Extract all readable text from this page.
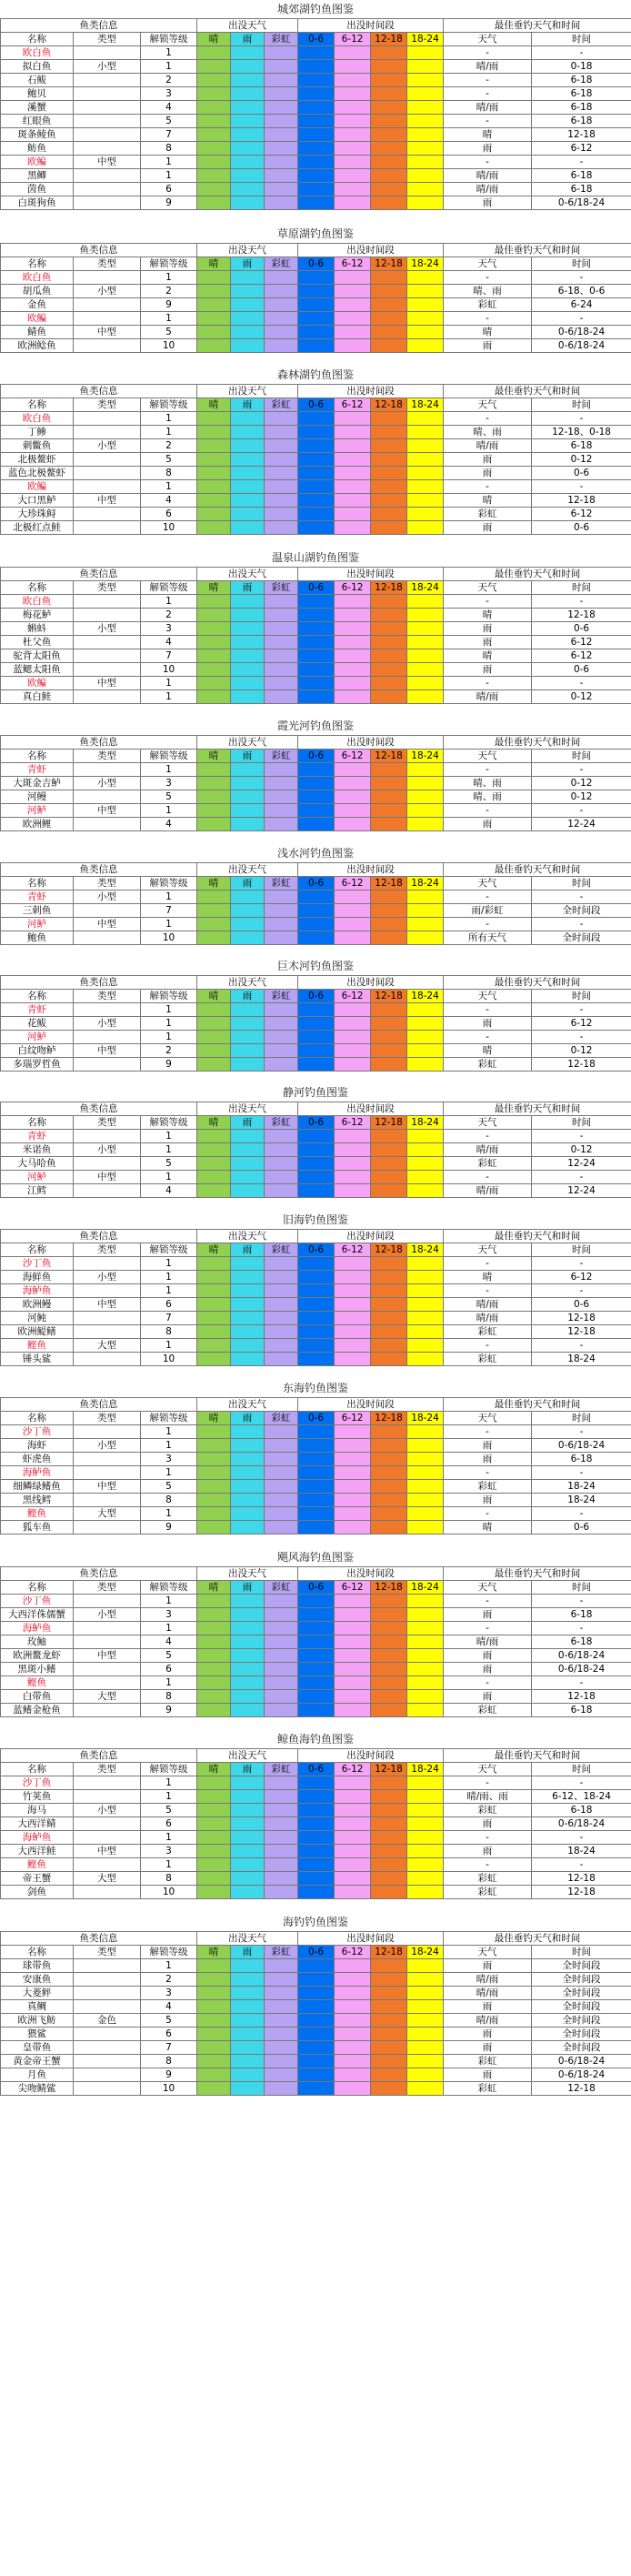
城郊湖钓鱼图鉴
鱼类信息			出没天气			出没时间段				最佳垂钓天气和时间	
名称	类型	解锁等级	晴	雨	彩虹	0-6	6-12	12-18	18-24	天气	时间
欧白鱼		1								-	-
拟白鱼	小型	1								晴/雨	0-18
石鲅		2								-	6-18
鲍贝		3								-	6-18
溪蟹		4								晴/雨	6-18
红眼鱼		5								-	6-18
斑条鲮鱼		7								晴	12-18
鲂鱼		8								雨	6-12
欧鳊	中型	1								-	-
黑鲫		1								晴/雨	6-18
茵鱼		6								晴/雨	6-18
白斑狗鱼		9								雨	0-6/18-24
草原湖钓鱼图鉴
鱼类信息			出没天气			出没时间段				最佳垂钓天气和时间	
名称	类型	解锁等级	晴	雨	彩虹	0-6	6-12	12-18	18-24	天气	时间
欧白鱼		1								-	-
胡瓜鱼	小型	2								晴、雨	6-18、0-6
金鱼		9								彩虹	6-24
欧鳊		1								-	-
鲭鱼	中型	5								晴	0-6/18-24
欧洲鲶鱼		10								雨	0-6/18-24
森林湖钓鱼图鉴
鱼类信息			出没天气			出没时间段				最佳垂钓天气和时间	
名称	类型	解锁等级	晴	雨	彩虹	0-6	6-12	12-18	18-24	天气	时间
欧白鱼		1								-	-
丁鲹		1								晴、雨	12-18、0-18
刺鳖鱼	小型	2								晴/雨	6-18
北极鳌虾		5								雨	0-12
蓝色北极鳌虾		8								雨	0-6
欧鳊		1								-	-
大口黑鲈	中型	4								晴	12-18
大珍珠鲟		6								彩虹	6-12
北极红点鲑		10								雨	0-6
温泉山湖钓鱼图鉴
鱼类信息			出没天气			出没时间段				最佳垂钓天气和时间	
名称	类型	解锁等级	晴	雨	彩虹	0-6	6-12	12-18	18-24	天气	时间
欧白鱼		1								-	-
梅花鲈		2								晴	12-18
蝌蚪	小型	3								雨	0-6
杜父鱼		4								雨	6-12
驼背太阳鱼		7								晴	6-12
蓝鳃太阳鱼		10								雨	0-6
欧鳊	中型	1								-	-
真白鲑		1								晴/雨	0-12
霞光河钓鱼图鉴
鱼类信息			出没天气			出没时间段				最佳垂钓天气和时间	
名称	类型	解锁等级	晴	雨	彩虹	0-6	6-12	12-18	18-24	天气	时间
青虾		1								-	-
大斑金吉鲈	小型	3								晴、雨	0-12
河鳗		5								晴、雨	0-12
河鲈	中型	1								-	-
欧洲鲤		4								雨	12-24
浅水河钓鱼图鉴
鱼类信息			出没天气			出没时间段				最佳垂钓天气和时间	
名称	类型	解锁等级	晴	雨	彩虹	0-6	6-12	12-18	18-24	天气	时间
青虾	小型	1								-	-
三刺鱼		7								雨/彩虹	全时间段
河鲈	中型	1								-	-
鲍鱼		10								所有天气	全时间段
巨木河钓鱼图鉴
鱼类信息			出没天气			出没时间段				最佳垂钓天气和时间	
名称	类型	解锁等级	晴	雨	彩虹	0-6	6-12	12-18	18-24	天气	时间
青虾		1								-	-
花鲅	小型	1								雨	6-12
河鲈		1								-	-
白纹吻鲈	中型	2								晴	0-12
多瑙罗哲鱼		9								彩虹	12-18
静河钓鱼图鉴
鱼类信息			出没天气			出没时间段				最佳垂钓天气和时间	
名称	类型	解锁等级	晴	雨	彩虹	0-6	6-12	12-18	18-24	天气	时间
青虾		1								-	-
米诺鱼	小型	1								晴/雨	0-12
大马哈鱼		5								彩虹	12-24
河鲈	中型	1								-	-
江鳕		4								晴/雨	12-24
旧海钓鱼图鉴
鱼类信息			出没天气			出没时间段				最佳垂钓天气和时间	
名称	类型	解锁等级	晴	雨	彩虹	0-6	6-12	12-18	18-24	天气	时间
沙丁鱼		1								-	-
海鲜鱼	小型	1								晴	6-12
海鲈鱼		1								-	-
欧洲鳗	中型	6								晴/雨	0-6
河鲀		7								晴/雨	12-18
欧洲鳀鳝		8								彩虹	12-18
鲣鱼	大型	1								-	-
锤头鲨		10								彩虹	18-24
东海钓鱼图鉴
鱼类信息			出没天气			出没时间段				最佳垂钓天气和时间	
名称	类型	解锁等级	晴	雨	彩虹	0-6	6-12	12-18	18-24	天气	时间
沙丁鱼		1								-	-
海虾	小型	1								雨	0-6/18-24
虾虎鱼		3								雨	6-18
海鲈鱼		1								-	-
细鳞绿鳍鱼	中型	5								彩虹	18-24
黑线鳕		8								雨	18-24
鲣鱼	大型	1								-	-
狐车鱼		9								晴	0-6
飓风海钓鱼图鉴
鱼类信息			出没天气			出没时间段				最佳垂钓天气和时间	
名称	类型	解锁等级	晴	雨	彩虹	0-6	6-12	12-18	18-24	天气	时间
沙丁鱼		1								-	-
大西洋侏儒蟹	小型	3								雨	6-18
海鲈鱼		1								-	-
玫鲉		4								晴/雨	6-18
欧洲鳌龙虾	中型	5								雨	0-6/18-24
黑斑小鳍		6								雨	0-6/18-24
鲣鱼		1								-	-
白带鱼	大型	8								雨	12-18
蓝鳍金枪鱼		9								彩虹	6-18
鲸鱼海钓鱼图鉴
鱼类信息			出没天气			出没时间段				最佳垂钓天气和时间	
名称	类型	解锁等级	晴	雨	彩虹	0-6	6-12	12-18	18-24	天气	时间
沙丁鱼		1								-	-
竹荚鱼		1								晴/雨、雨	6-12、18-24
海马	小型	5								彩虹	6-18
大西洋鲭		6								雨	0-6/18-24
海鲈鱼		1								-	-
大西洋鲑	中型	3								雨	18-24
鲣鱼		1								-	-
帝王蟹	大型	8								彩虹	12-18
剑鱼		10								彩虹	12-18
海钓钓鱼图鉴
鱼类信息			出没天气			出没时间段				最佳垂钓天气和时间	
名称	类型	解锁等级	晴	雨	彩虹	0-6	6-12	12-18	18-24	天气	时间
球带鱼		1								雨	全时间段
安康鱼		2								晴/雨	全时间段
大菱鲆		3								晴/雨	全时间段
真鲷		4								雨	全时间段
欧洲飞鲂	金色	5								晴/雨	全时间段
猥鲨		6								雨	全时间段
皇带鱼		7								雨	全时间段
黄金帝王蟹		8								彩虹	0-6/18-24
月鱼		9								雨	0-6/18-24
尖吻鲭鲨		10								彩虹	12-18
